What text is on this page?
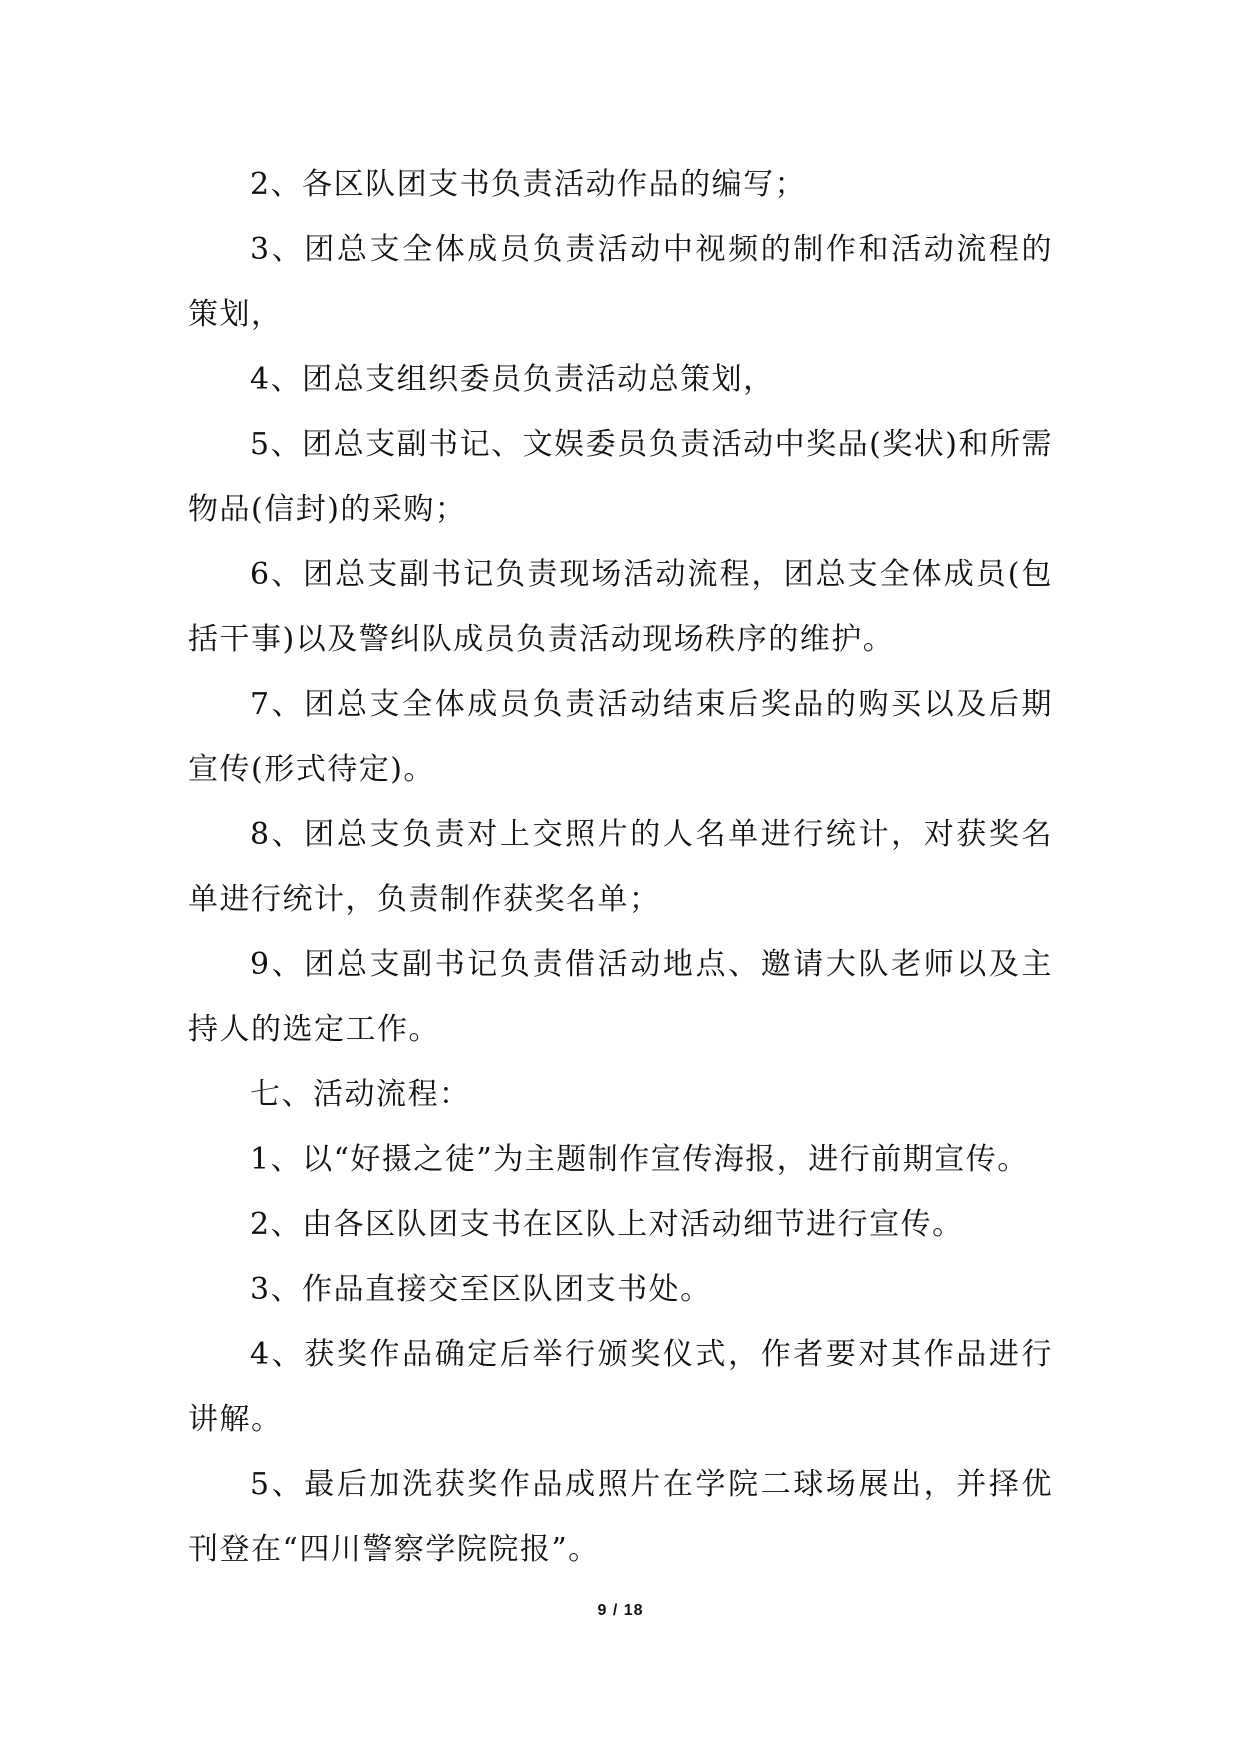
2、各区队团支书负责活动作品的编写；

3、团总支全体成员负责活动中视频的制作和活动流程的策划，

4、团总支组织委员负责活动总策划，

5、团总支副书记、文娱委员负责活动中奖品(奖状)和所需物品(信封)的采购；

6、团总支副书记负责现场活动流程，团总支全体成员(包括干事)以及警纠队成员负责活动现场秩序的维护。

7、团总支全体成员负责活动结束后奖品的购买以及后期宣传(形式待定)。

8、团总支负责对上交照片的人名单进行统计，对获奖名单进行统计，负责制作获奖名单；

9、团总支副书记负责借活动地点、邀请大队老师以及主持人的选定工作。

七、活动流程：

1、以“好摄之徒”为主题制作宣传海报，进行前期宣传。

2、由各区队团支书在区队上对活动细节进行宣传。

3、作品直接交至区队团支书处。

4、获奖作品确定后举行颁奖仪式，作者要对其作品进行讲解。

5、最后加洗获奖作品成照片在学院二球场展出，并择优刊登在“四川警察学院院报”。

9 / 18
